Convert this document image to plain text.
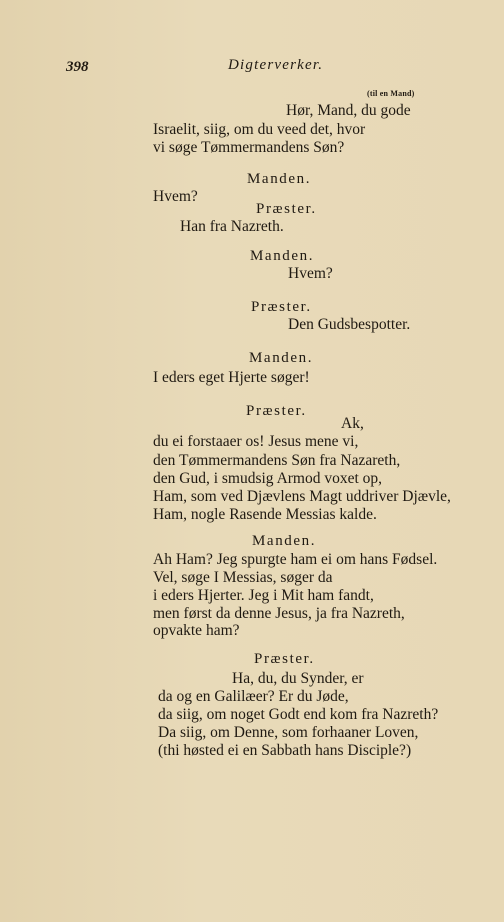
398	Digterverker.
(til en Mand)
Hør, Mand, du gode
Israelit, siig, om du veed det, hvor
vi søge Tømmermandens Søn?
Manden.
Hvem?
Præster.
Han fra Nazreth.
Manden.
Hvem?
Præster.
Den Gudsbespotter.
Manden.
I eders eget Hjerte søger!
Præster.
Ak,
du ei forstaaer os! Jesus mene vi,
den Tømmermandens Søn fra Nazareth,
den Gud, i smudsig Armod voxet op,
Ham, som ved Djævlens Magt uddriver Djævle,
Ham, nogle Rasende Messias kalde.
Manden.
Ah Ham? Jeg spurgte ham ei om hans Fødsel.
Vel, søge I Messias, søger da
i eders Hjerter. Jeg i Mit ham fandt,
men først da denne Jesus, ja fra Nazreth,
opvakte ham?
Præster.
Ha, du, du Synder, er
da og en Galilæer? Er du Jøde,
da siig, om noget Godt end kom fra Nazreth?
Da siig, om Denne, som forhaaner Loven,
(thi høsted ei en Sabbath hans Disciple?)
